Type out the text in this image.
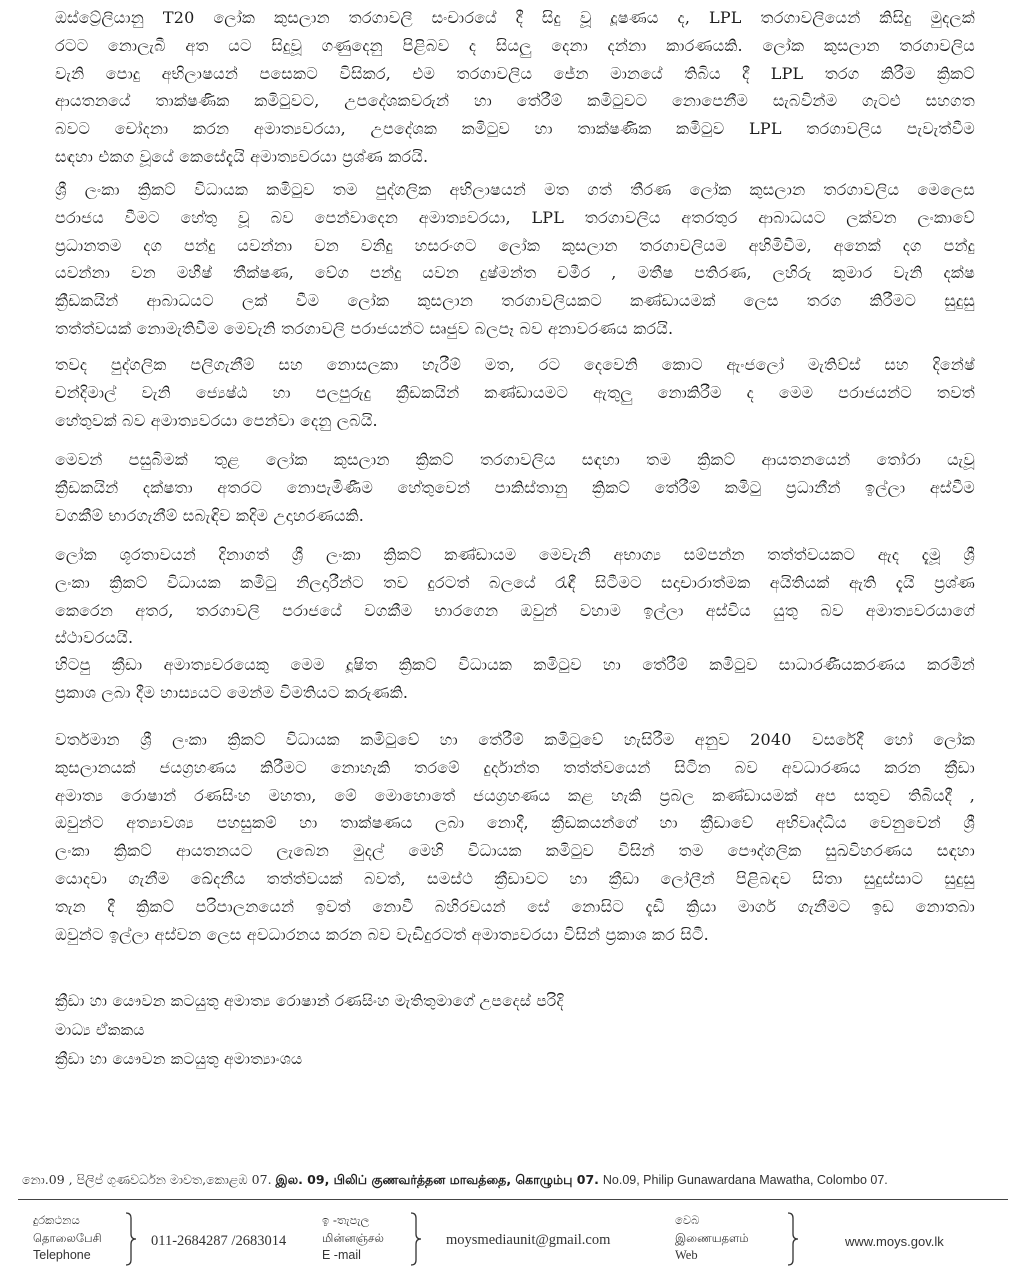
ඔස්ට්‍රේලියානු T20 ලෝක කුසලාන තරගාවලි සංචාරයේ දී සිදු වූ දූෂණය ද, LPL තරගාවලියෙන් කිසිදු මුදලක්
රටට නොලැබී අත යට සිදුවූ ගණුදෙනු පිළිබව ද සියලු දෙනා දන්නා කාරණයකි. ලෝක කුසලාන තරගාවලිය
වැනි පොදු අභිලාෂයන් පසෙකට විසිකර, එම තරගාවලිය ජේන මානයේ තිබිය දී LPL තරග කිරීම ක්‍රිකට්
ආයතනයේ තාක්ෂණික කමිටුවට, උපදේශකවරුන් හා තේරීම් කමිටුවට නොපෙනීම සැබවින්ම ගැටළු සහගත
බවට චෝදනා කරන අමාත්‍යවරයා, උපදේශක කමිටුව හා තාක්ෂණික කමිටුව LPL තරගාවලිය පැවැත්වීම
සඳහා එකග වූයේ කෙසේදැයි අමාත්‍යවරයා ප්‍රශ්ණ කරයි.
ශ්‍රී ලංකා ක්‍රිකට් විධායක කමිටුව තම පුද්ගලික අභිලාෂයන් මත ගත් තීරණ ලෝක කුසලාන තරගාවලිය මෙලෙස
පරාජය වීමට හේතු වූ බව පෙන්වාදෙන අමාත්‍යවරයා, LPL තරගාවලිය අතරතුර ආබාධයට ලක්වන ලංකාවේ
ප්‍රධානතම දග පන්දු යවන්නා වන වනිදු හසරංගට ලෝක කුසලාන තරගාවලියම අහිමිවීම, අනෙක් දග පන්දු
යවන්නා වන මහීෂ් තීක්ෂණ, වේග පන්දු යවන දුෂ්මන්ත චමීර , මතීෂ පතිරණ, ලහිරු කුමාර වැනි දක්ෂ
ක්‍රීඩකයින් ආබාධයට ලක් වීම ලෝක කුසලාන තරගාවලියකට කණ්ඩායමක් ලෙස තරග කිරීමට සුදුසු
තත්ත්වයක් නොමැතිවීම මෙවැනි තරගාවලි පරාජයන්ට සෘජුව බලපෑ බව අනාවරණය කරයි.
තවද පුද්ගලික පලිගැනීම් සහ නොසලකා හැරීම් මත, රට දෙවෙනි කොට ඇංජලෝ මැතිව්ස් සහ දිනේෂ්
චන්දිමාල් වැනි ජ්‍යෙෂ්ඨ හා පලපුරුදු ක්‍රීඩකයින් කණ්ඩායමට ඇතුලු නොකිරීම ද මෙම පරාජයන්ට තවත්
හේතුවක් බව අමාත්‍යවරයා පෙන්වා දෙනු ලබයි.
මෙවන් පසුබිමක් තුළ ලෝක කුසලාන ක්‍රිකට් තරගාවලිය සඳහා තම ක්‍රිකට් ආයතනයෙන් තෝරා යැවූ
ක්‍රීඩකයින් දක්ෂතා අතරට නොපැමිණීම හේතුවෙන් පාකිස්තානු ක්‍රිකට් තේරීම් කමිටු ප්‍රධානීන් ඉල්ලා අස්වීම
වගකීම් භාරගැනීම් සබැඳිව කදිම උදාහරණයකි.
ලෝක ශූරතාවයන් දිනාගත් ශ්‍රී ලංකා ක්‍රිකට් කණ්ඩායම මෙවැනි අභාග්‍ය සම්පන්න තත්ත්වයකට ඇද දැමූ ශ්‍රී
ලංකා ක්‍රිකට් විධායක කමිටු නිලදාරීන්ට තව දුරටත් බලයේ රැඳී සිටීමට සදාචාරාත්මක අයිතියක් ඇති දැයි ප්‍රශ්ණ
කෙරෙන අතර, තරගාවලි පරාජයේ වගකීම භාරගෙන ඔවුන් වහාම ඉල්ලා අස්විය යුතු බව අමාත්‍යවරයාගේ
ස්ථාවරයයි.
හිටපු ක්‍රීඩා අමාත්‍යවරයෙකු මෙම දූෂිත ක්‍රිකට් විධායක කමිටුව හා තේරීම් කමිටුව සාධාරණීයකරණය කරමින්
ප්‍රකාශ ලබා දීම හාස්‍යයට මෙන්ම විමතියට කරුණකි.
වර්තමාන ශ්‍රී ලංකා ක්‍රිකට් විධායක කමිටුවේ හා තේරීම් කමිටුවේ හැසිරීම අනුව 2040 වසරේදී හෝ ලෝක
කුසලානයක් ජයග්‍රහණය කිරීමට නොහැකි තරමේ දුර්දාන්ත තත්ත්වයෙන් සිටින බව අවධාරණය කරන ක්‍රීඩා
අමාත්‍ය රොෂාන් රණසිංහ මහතා, මේ මොහොතේ ජයග්‍රහණය කළ හැකි ප්‍රබල කණ්ඩායමක් අප සතුව තිබියදී ,
ඔවුන්ට අත්‍යාවශ්‍ය පහසුකම් හා තාක්ෂණය ලබා නොදී, ක්‍රීඩකයන්ගේ හා ක්‍රීඩාවේ අභිවෘද්ධිය වෙනුවෙන් ශ්‍රී
ලංකා ක්‍රිකට් ආයතනයට ලැබෙන මුදල් මෙහි විධායක කමිටුව විසින් තම පෞද්ගලික සුඛවිහරණය සඳහා
යොදවා ගැනීම ඛේදනීය තත්ත්වයක් බවත්, සමස්ථ ක්‍රීඩාවට හා ක්‍රීඩා ලෝලීන් පිළිබඳව සිතා සුදුස්සාට සුදුසු
තැන දී ක්‍රිකට් පරිපාලනයෙන් ඉවත් නොවී බහිරවයන් සේ නොසිට දැඩි ක්‍රියා මාර්ග ගැනීමට ඉඩ නොතබා
ඔවුන්ට ඉල්ලා අස්වන ලෙස අවධාරනය කරන බව වැඩිදුරටත් අමාත්‍යවරයා විසින් ප්‍රකාශ කර සිටී.
ක්‍රීඩා හා යෞවන කටයුතු අමාත්‍ය රොෂාන් රණසිංහ මැතිතුමාගේ උපදෙස් පරිදි
මාධ්‍ය ඒකකය
ක්‍රීඩා හා යෞවන කටයුතු අමාත්‍යාංශය
නො.09 , පිලිප් ගුණවර්ධන මාවත,කොළඹ 07. இல. 09, பிலிப் குணவர்த்தன மாவத்தை, கொழும்பு 07. No.09, Philip Gunawardana Mawatha, Colombo 07.
දුරකථනය
தொலைபேசி
Telephone
011-2684287 /2683014
ඉ -තැපැල
மின்னஞ்சல்
E -mail
moysmediaunit@gmail.com
වෙබ
இணையதளம்
Web
www.moys.gov.lk
